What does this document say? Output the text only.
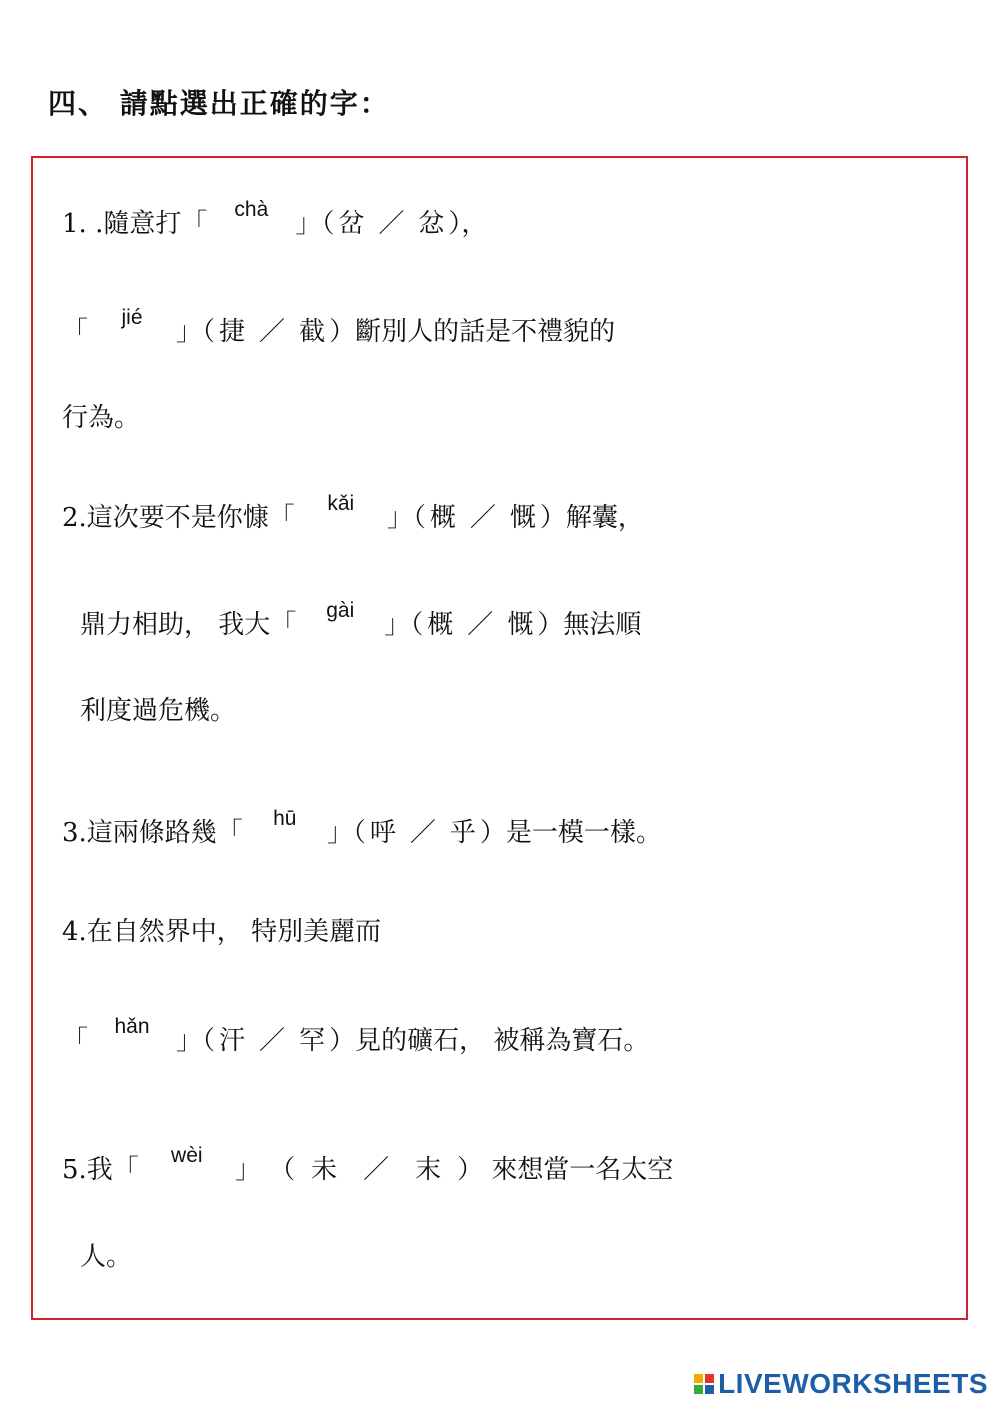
四、 請點選出正確的字：
1. .隨意打「	chà	」（ 岔 ／ 忿 ），
「	jié	」（ 捷 ／ 截 ）斷別人的話是不禮貌的
行為。
2.這次要不是你慷「	kǎi	」（ 概 ／ 慨 ）解囊，
鼎力相助， 我大「	gài	」（ 概 ／ 慨 ）無法順
利度過危機。
3.這兩條路幾「	hū	」（ 呼 ／ 乎 ）是一模一樣。
4.在自然界中， 特別美麗而
「	hǎn	」（ 汗 ／ 罕 ）見的礦石， 被稱為寶石。
5.我「	wèi	」 （ 未 ／ 末 ） 來想當一名太空
人。
LIVEWORKSHEETS
